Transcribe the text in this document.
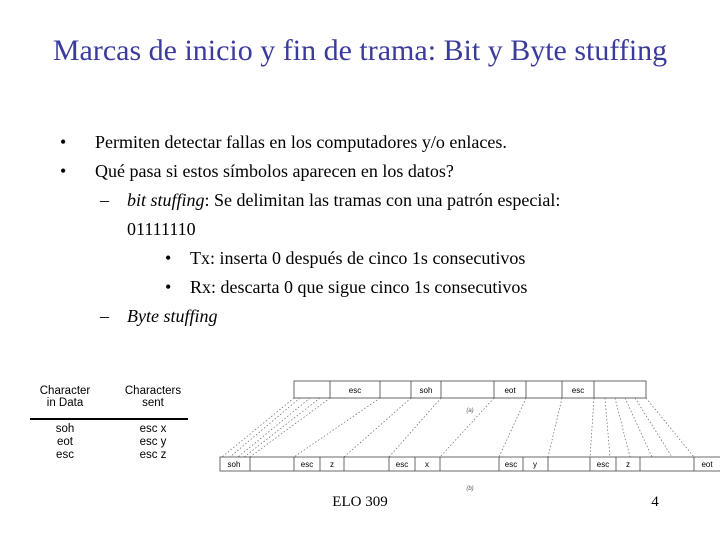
Marcas de inicio y fin de trama: Bit y Byte stuffing
• Permiten detectar fallas en los computadores y/o enlaces.
• Qué pasa si estos símbolos aparecen en los datos?
– bit stuffing: Se delimitan las tramas con una patrón especial:
01111110
• Tx: inserta 0 después de cinco 1s consecutivos
• Rx: descarta 0 que sigue cinco 1s consecutivos
– Byte stuffing
Character
in Data
Characters
sent
soh	esc x
eot	esc y
esc	esc z
esc	soh	eot	esc
(a)
soh	esc z	esc x	esc y	esc z	eot
(b)
ELO 309	4
